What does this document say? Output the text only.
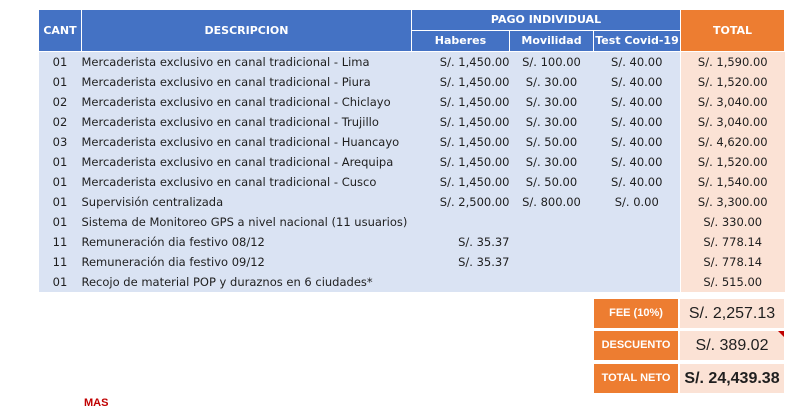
CANT	DESCRIPCION	PAGO INDIVIDUAL			TOTAL
		Haberes	Movilidad	Test Covid-19	
01	Mercaderista exclusivo en canal tradicional - Lima	S/. 1,450.00	S/. 100.00	S/. 40.00	S/. 1,590.00
01	Mercaderista exclusivo en canal tradicional - Piura	S/. 1,450.00	S/. 30.00	S/. 40.00	S/. 1,520.00
02	Mercaderista exclusivo en canal tradicional - Chiclayo	S/. 1,450.00	S/. 30.00	S/. 40.00	S/. 3,040.00
02	Mercaderista exclusivo en canal tradicional - Trujillo	S/. 1,450.00	S/. 30.00	S/. 40.00	S/. 3,040.00
03	Mercaderista exclusivo en canal tradicional - Huancayo	S/. 1,450.00	S/. 50.00	S/. 40.00	S/. 4,620.00
01	Mercaderista exclusivo en canal tradicional - Arequipa	S/. 1,450.00	S/. 30.00	S/. 40.00	S/. 1,520.00
01	Mercaderista exclusivo en canal tradicional - Cusco	S/. 1,450.00	S/. 50.00	S/. 40.00	S/. 1,540.00
01	Supervisión centralizada	S/. 2,500.00	S/. 800.00	S/. 0.00	S/. 3,300.00
01	Sistema de Monitoreo GPS a nivel nacional (11 usuarios)				S/. 330.00
11	Remuneración dia festivo 08/12	S/. 35.37			S/. 778.14
11	Remuneración dia festivo 09/12	S/. 35.37			S/. 778.14
01	Recojo de material POP y duraznos en 6 ciudades*				S/. 515.00
FEE (10%)	S/. 2,257.13
DESCUENTO	S/. 389.02
TOTAL NETO S/. 24,439.38
MAS
